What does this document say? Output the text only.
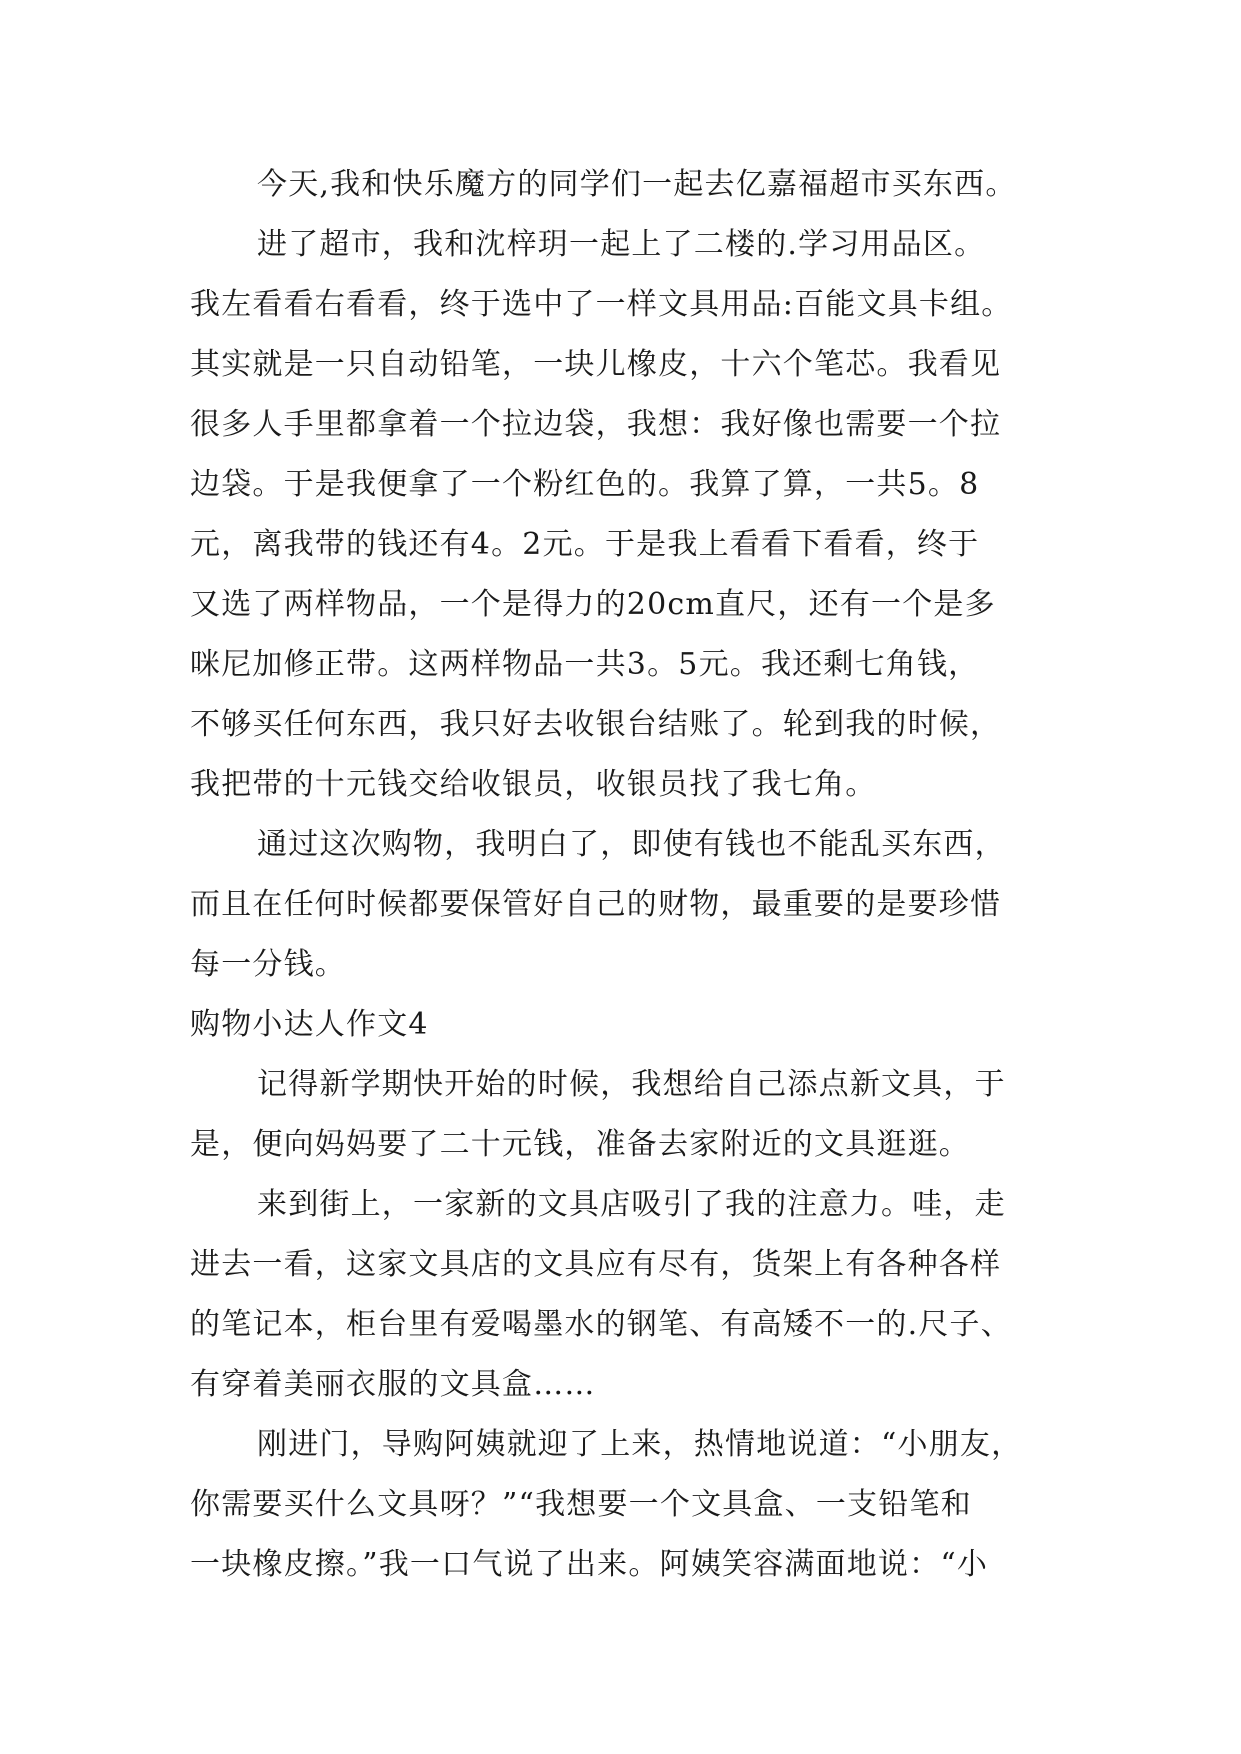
今天,我和快乐魔方的同学们一起去亿嘉福超市买东西。
进了超市，我和沈梓玥一起上了二楼的.学习用品区。
我左看看右看看，终于选中了一样文具用品:百能文具卡组。
其实就是一只自动铅笔，一块儿橡皮，十六个笔芯。我看见
很多人手里都拿着一个拉边袋，我想：我好像也需要一个拉
边袋。于是我便拿了一个粉红色的。我算了算，一共5。8
元，离我带的钱还有4。2元。于是我上看看下看看，终于
又选了两样物品，一个是得力的20cm直尺，还有一个是多
咪尼加修正带。这两样物品一共3。5元。我还剩七角钱，
不够买任何东西，我只好去收银台结账了。轮到我的时候，
我把带的十元钱交给收银员，收银员找了我七角。
通过这次购物，我明白了，即使有钱也不能乱买东西，
而且在任何时候都要保管好自己的财物，最重要的是要珍惜
每一分钱。
购物小达人作文4
记得新学期快开始的时候，我想给自己添点新文具，于
是，便向妈妈要了二十元钱，准备去家附近的文具逛逛。
来到街上，一家新的文具店吸引了我的注意力。哇，走
进去一看，这家文具店的文具应有尽有，货架上有各种各样
的笔记本，柜台里有爱喝墨水的钢笔、有高矮不一的.尺子、
有穿着美丽衣服的文具盒……
刚进门，导购阿姨就迎了上来，热情地说道：“小朋友，
你需要买什么文具呀？”“我想要一个文具盒、一支铅笔和
一块橡皮擦。”我一口气说了出来。阿姨笑容满面地说：“小
